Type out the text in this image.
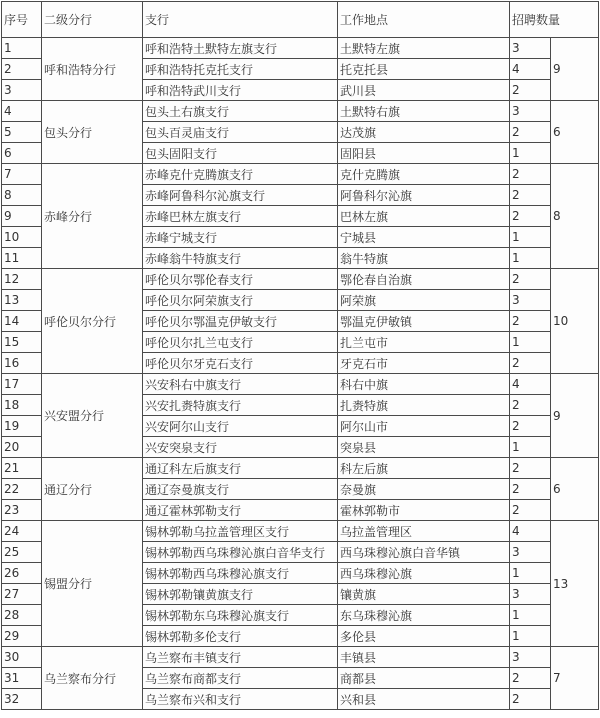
序号	二级分行	支行	工作地点	招聘数量	
1	呼和浩特分行	呼和浩特土默特左旗支行	土默特左旗	3	9
2		呼和浩特托克托支行	托克托县	4	
3		呼和浩特武川支行	武川县	2	
4	包头分行	包头土右旗支行	土默特右旗	3	6
5		包头百灵庙支行	达茂旗	2	
6		包头固阳支行	固阳县	1	
7	赤峰分行	赤峰克什克腾旗支行	克什克腾旗	2	8
8		赤峰阿鲁科尔沁旗支行	阿鲁科尔沁旗	2	
9		赤峰巴林左旗支行	巴林左旗	2	
10		赤峰宁城支行	宁城县	1	
11		赤峰翁牛特旗支行	翁牛特旗	1	
12	呼伦贝尔分行	呼伦贝尔鄂伦春支行	鄂伦春自治旗	2	10
13		呼伦贝尔阿荣旗支行	阿荣旗	3	
14		呼伦贝尔鄂温克伊敏支行	鄂温克伊敏镇	2	
15		呼伦贝尔扎兰屯支行	扎兰屯市	1	
16		呼伦贝尔牙克石支行	牙克石市	2	
17	兴安盟分行	兴安科右中旗支行	科右中旗	4	9
18		兴安扎赉特旗支行	扎赉特旗	2	
19		兴安阿尔山支行	阿尔山市	2	
20		兴安突泉支行	突泉县	1	
21	通辽分行	通辽科左后旗支行	科左后旗	2	6
22		通辽奈曼旗支行	奈曼旗	2	
23		通辽霍林郭勒支行	霍林郭勒市	2	
24	锡盟分行	锡林郭勒乌拉盖管理区支行	乌拉盖管理区	4	13
25		锡林郭勒西乌珠穆沁旗白音华支行	西乌珠穆沁旗白音华镇	3	
26		锡林郭勒西乌珠穆沁旗支行	西乌珠穆沁旗	1	
27		锡林郭勒镶黄旗支行	镶黄旗	3	
28		锡林郭勒东乌珠穆沁旗支行	东乌珠穆沁旗	1	
29		锡林郭勒多伦支行	多伦县	1	
30	乌兰察布分行	乌兰察布丰镇支行	丰镇县	3	7
31		乌兰察布商都支行	商都县	2	
32		乌兰察布兴和支行	兴和县	2	
